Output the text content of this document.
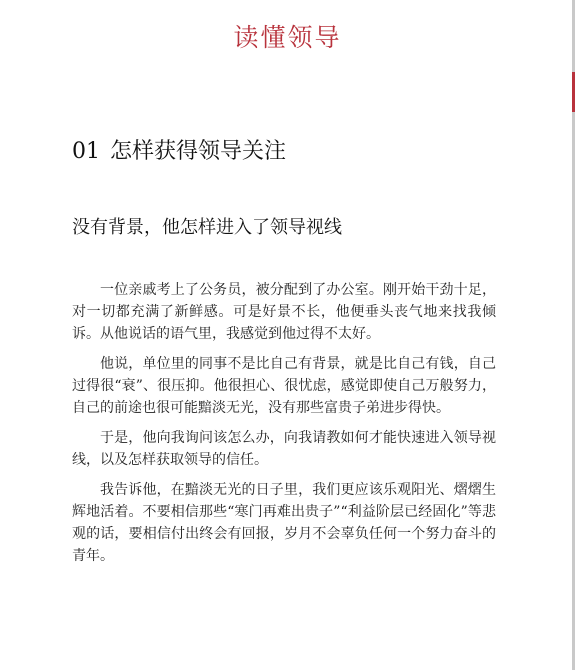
读懂领导
01 怎样获得领导关注
没有背景，他怎样进入了领导视线

一位亲戚考上了公务员，被分配到了办公室。刚开始干劲十足，对一切都充满了新鲜感。可是好景不长，他便垂头丧气地来找我倾诉。从他说话的语气里，我感觉到他过得不太好。

他说，单位里的同事不是比自己有背景，就是比自己有钱，自己过得很“衰”、很压抑。他很担心、很忧虑，感觉即使自己万般努力，自己的前途也很可能黯淡无光，没有那些富贵子弟进步得快。

于是，他向我询问该怎么办，向我请教如何才能快速进入领导视线，以及怎样获取领导的信任。

我告诉他，在黯淡无光的日子里，我们更应该乐观阳光、熠熠生辉地活着。不要相信那些“寒门再难出贵子”“利益阶层已经固化”等悲观的话，要相信付出终会有回报，岁月不会辜负任何一个努力奋斗的青年。
